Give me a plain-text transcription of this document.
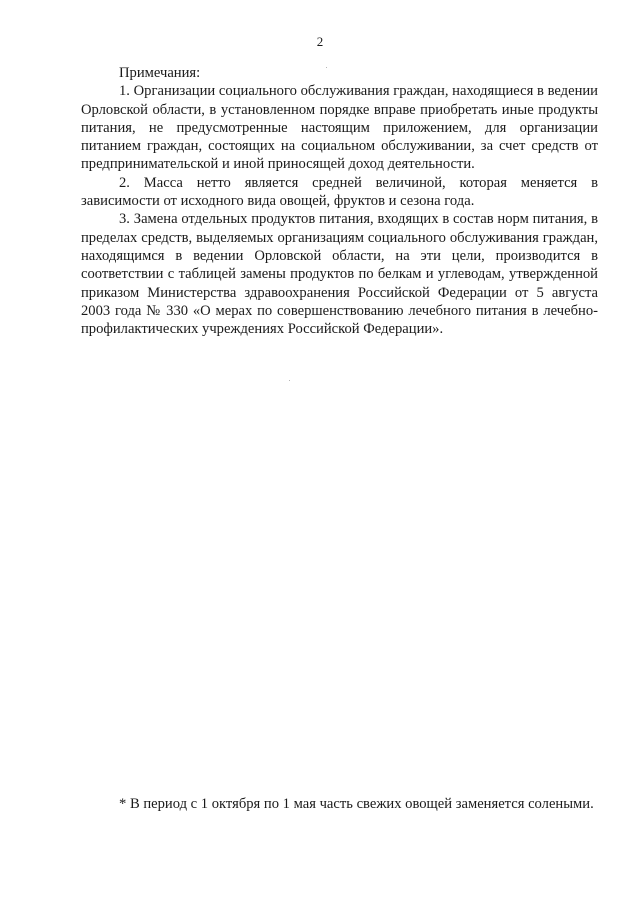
2

Примечания:

1. Организации социального обслуживания граждан, находящиеся в ведении Орловской области, в установленном порядке вправе приобретать иные продукты питания, не предусмотренные настоящим приложением, для организации питанием граждан, состоящих на социальном обслуживании, за счет средств от предпринимательской и иной приносящей доход деятельности.

2. Масса нетто является средней величиной, которая меняется в зависимости от исходного вида овощей, фруктов и сезона года.

3. Замена отдельных продуктов питания, входящих в состав норм питания, в пределах средств, выделяемых организациям социального обслуживания граждан, находящимся в ведении Орловской области, на эти цели, производится в соответствии с таблицей замены продуктов по белкам и углеводам, утвержденной приказом Министерства здравоохранения Российской Федерации от 5 августа 2003 года № 330 «О мерах по совершенствованию лечебного питания в лечебно-профилактических учреждениях Российской Федерации».

* В период с 1 октября по 1 мая часть свежих овощей заменяется солеными.
